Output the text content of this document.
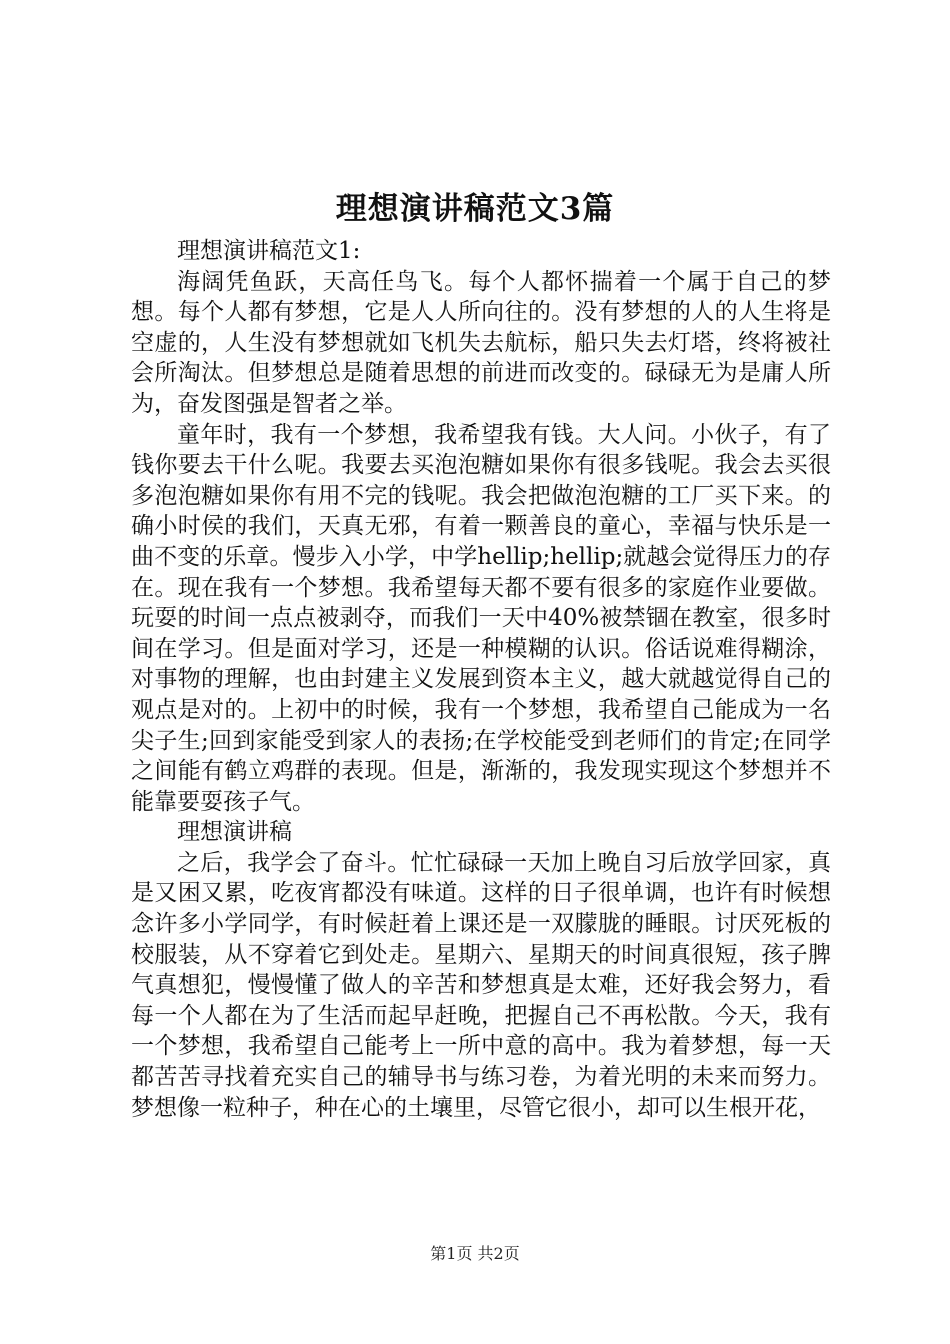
理想演讲稿范文3篇

理想演讲稿范文1:

海阔凭鱼跃，天高任鸟飞。每个人都怀揣着一个属于自己的梦想。每个人都有梦想，它是人人所向往的。没有梦想的人的人生将是空虚的，人生没有梦想就如飞机失去航标，船只失去灯塔，终将被社会所淘汰。但梦想总是随着思想的前进而改变的。碌碌无为是庸人所为，奋发图强是智者之举。

童年时，我有一个梦想，我希望我有钱。大人问。小伙子，有了钱你要去干什么呢。我要去买泡泡糖如果你有很多钱呢。我会去买很多泡泡糖如果你有用不完的钱呢。我会把做泡泡糖的工厂买下来。的确小时侯的我们，天真无邪，有着一颗善良的童心，幸福与快乐是一曲不变的乐章。慢步入小学，中学hellip;hellip;就越会觉得压力的存在。现在我有一个梦想。我希望每天都不要有很多的家庭作业要做。玩耍的时间一点点被剥夺，而我们一天中40%被禁锢在教室，很多时间在学习。但是面对学习，还是一种模糊的认识。俗话说难得糊涂，对事物的理解，也由封建主义发展到资本主义，越大就越觉得自己的观点是对的。上初中的时候，我有一个梦想，我希望自己能成为一名尖子生;回到家能受到家人的表扬;在学校能受到老师们的肯定;在同学之间能有鹤立鸡群的表现。但是，渐渐的，我发现实现这个梦想并不能靠要耍孩子气。

理想演讲稿

之后，我学会了奋斗。忙忙碌碌一天加上晚自习后放学回家，真是又困又累，吃夜宵都没有味道。这样的日子很单调，也许有时候想念许多小学同学，有时候赶着上课还是一双朦胧的睡眼。讨厌死板的校服装，从不穿着它到处走。星期六、星期天的时间真很短，孩子脾气真想犯，慢慢懂了做人的辛苦和梦想真是太难，还好我会努力，看每一个人都在为了生活而起早赶晚，把握自己不再松散。今天，我有一个梦想，我希望自己能考上一所中意的高中。我为着梦想，每一天都苦苦寻找着充实自己的辅导书与练习卷，为着光明的未来而努力。梦想像一粒种子，种在心的土壤里，尽管它很小，却可以生根开花，

第1页 共2页
